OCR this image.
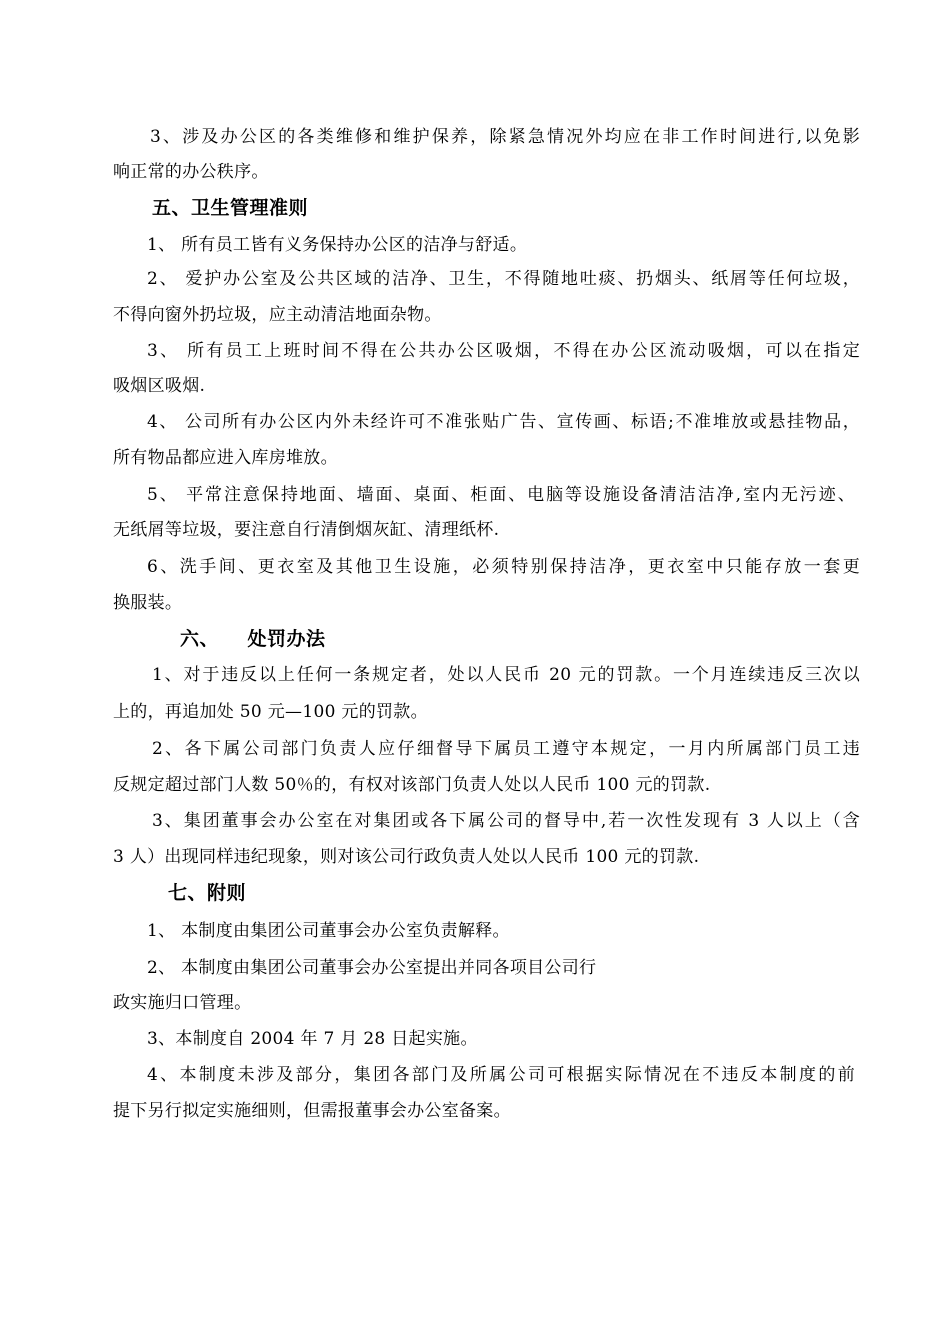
3、涉及办公区的各类维修和维护保养，除紧急情况外均应在非工作时间进行,以免影
响正常的办公秩序。
五、卫生管理准则
1、 所有员工皆有义务保持办公区的洁净与舒适。
2、 爱护办公室及公共区域的洁净、卫生，不得随地吐痰、扔烟头、纸屑等任何垃圾，
不得向窗外扔垃圾，应主动清洁地面杂物。
3、 所有员工上班时间不得在公共办公区吸烟，不得在办公区流动吸烟，可以在指定
吸烟区吸烟.
4、 公司所有办公区内外未经许可不准张贴广告、宣传画、标语;不准堆放或悬挂物品，
所有物品都应进入库房堆放。
5、 平常注意保持地面、墙面、桌面、柜面、电脑等设施设备清洁洁净,室内无污迹、
无纸屑等垃圾，要注意自行清倒烟灰缸、清理纸杯.
6、洗手间、更衣室及其他卫生设施，必须特别保持洁净，更衣室中只能存放一套更
换服装。
六、    处罚办法
1、对于违反以上任何一条规定者，处以人民币 20 元的罚款。一个月连续违反三次以
上的，再追加处 50 元—100 元的罚款。
2、各下属公司部门负责人应仔细督导下属员工遵守本规定，一月内所属部门员工违
反规定超过部门人数 50％的，有权对该部门负责人处以人民币 100 元的罚款.
3、集团董事会办公室在对集团或各下属公司的督导中,若一次性发现有 3 人以上（含
3 人）出现同样违纪现象，则对该公司行政负责人处以人民币 100 元的罚款.
七、附则
1、 本制度由集团公司董事会办公室负责解释。
2、 本制度由集团公司董事会办公室提出并同各项目公司行
政实施归口管理。
3、本制度自 2004 年 7 月 28 日起实施。
4、本制度未涉及部分，集团各部门及所属公司可根据实际情况在不违反本制度的前
提下另行拟定实施细则，但需报董事会办公室备案。
